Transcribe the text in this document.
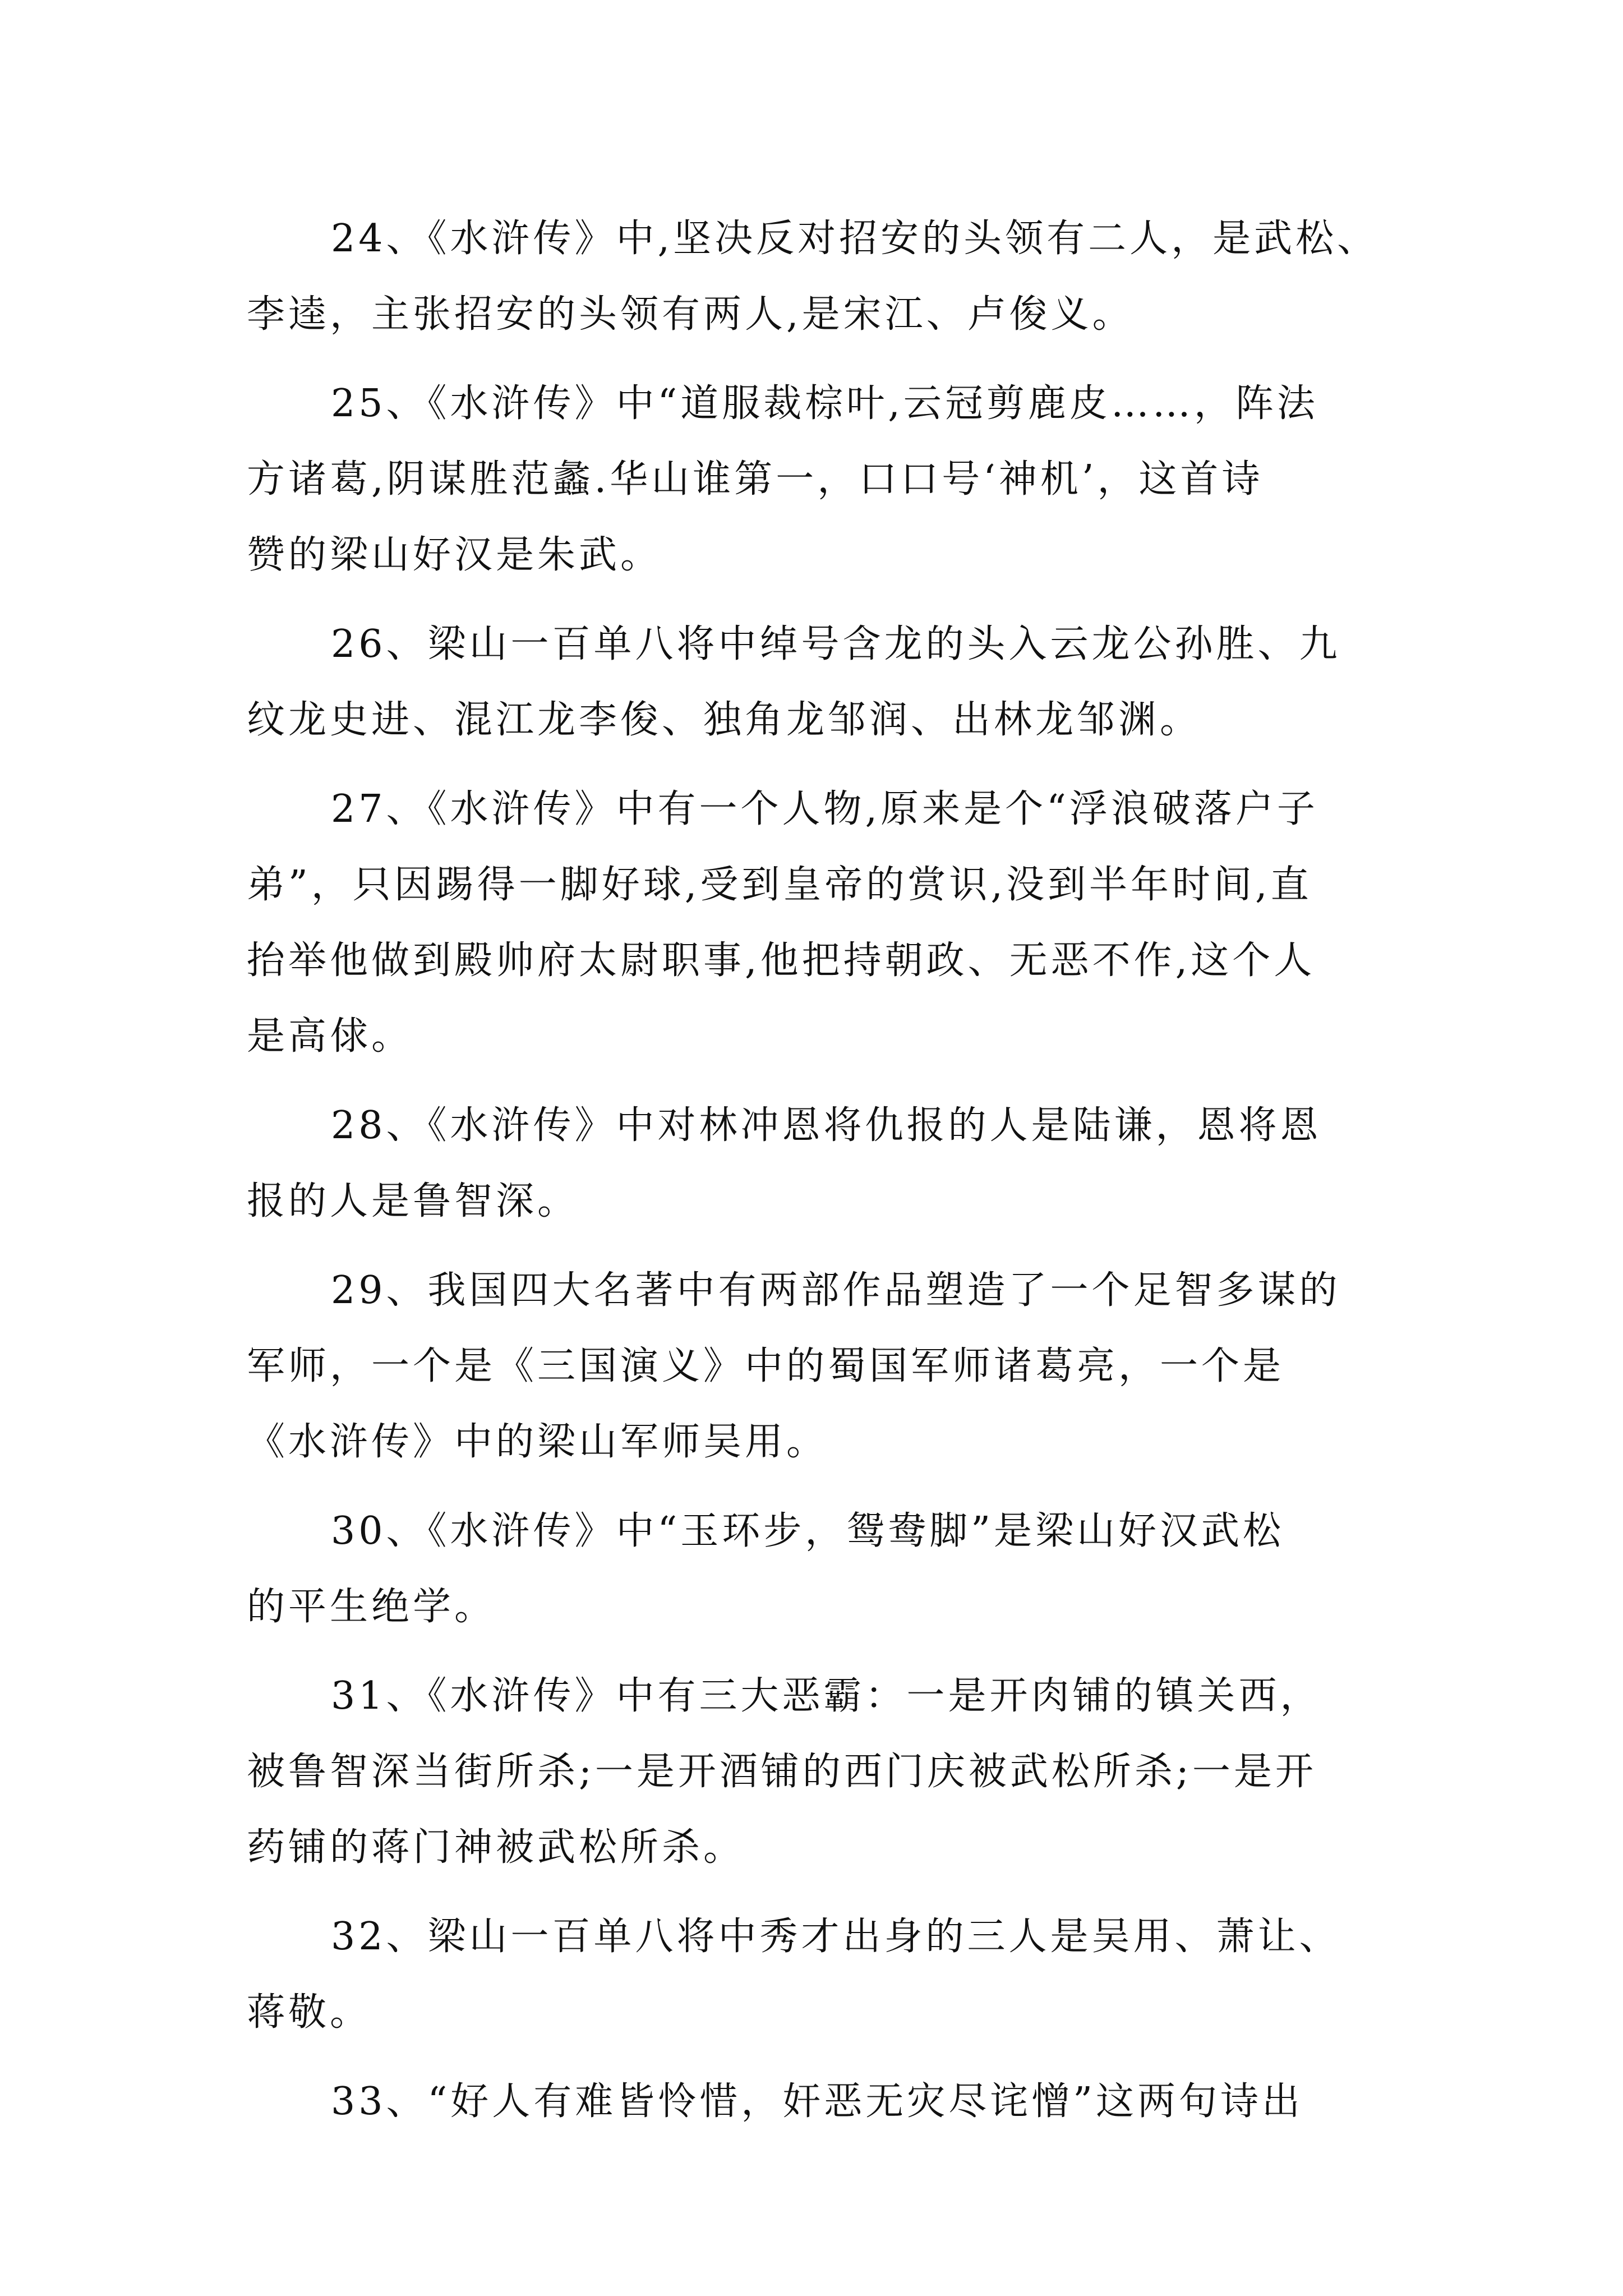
24、《水浒传》中,坚决反对招安的头领有二人，是武松、
李逵，主张招安的头领有两人,是宋江、卢俊义。
25、《水浒传》中“道服裁棕叶,云冠剪鹿皮……，阵法
方诸葛,阴谋胜范蠡.华山谁第一，口口号‘神机’，这首诗
赞的梁山好汉是朱武。
26、梁山一百单八将中绰号含龙的头入云龙公孙胜、九
纹龙史进、混江龙李俊、独角龙邹润、出林龙邹渊。
27、《水浒传》中有一个人物,原来是个“浮浪破落户子
弟”，只因踢得一脚好球,受到皇帝的赏识,没到半年时间,直
抬举他做到殿帅府太尉职事,他把持朝政、无恶不作,这个人
是高俅。
28、《水浒传》中对林冲恩将仇报的人是陆谦，恩将恩
报的人是鲁智深。
29、我国四大名著中有两部作品塑造了一个足智多谋的
军师，一个是《三国演义》中的蜀国军师诸葛亮，一个是
《水浒传》中的梁山军师吴用。
30、《水浒传》中“玉环步，鸳鸯脚”是梁山好汉武松
的平生绝学。
31、《水浒传》中有三大恶霸：一是开肉铺的镇关西，
被鲁智深当街所杀;一是开酒铺的西门庆被武松所杀;一是开
药铺的蒋门神被武松所杀。
32、梁山一百单八将中秀才出身的三人是吴用、萧让、
蒋敬。
33、“好人有难皆怜惜，奸恶无灾尽诧憎”这两句诗出
